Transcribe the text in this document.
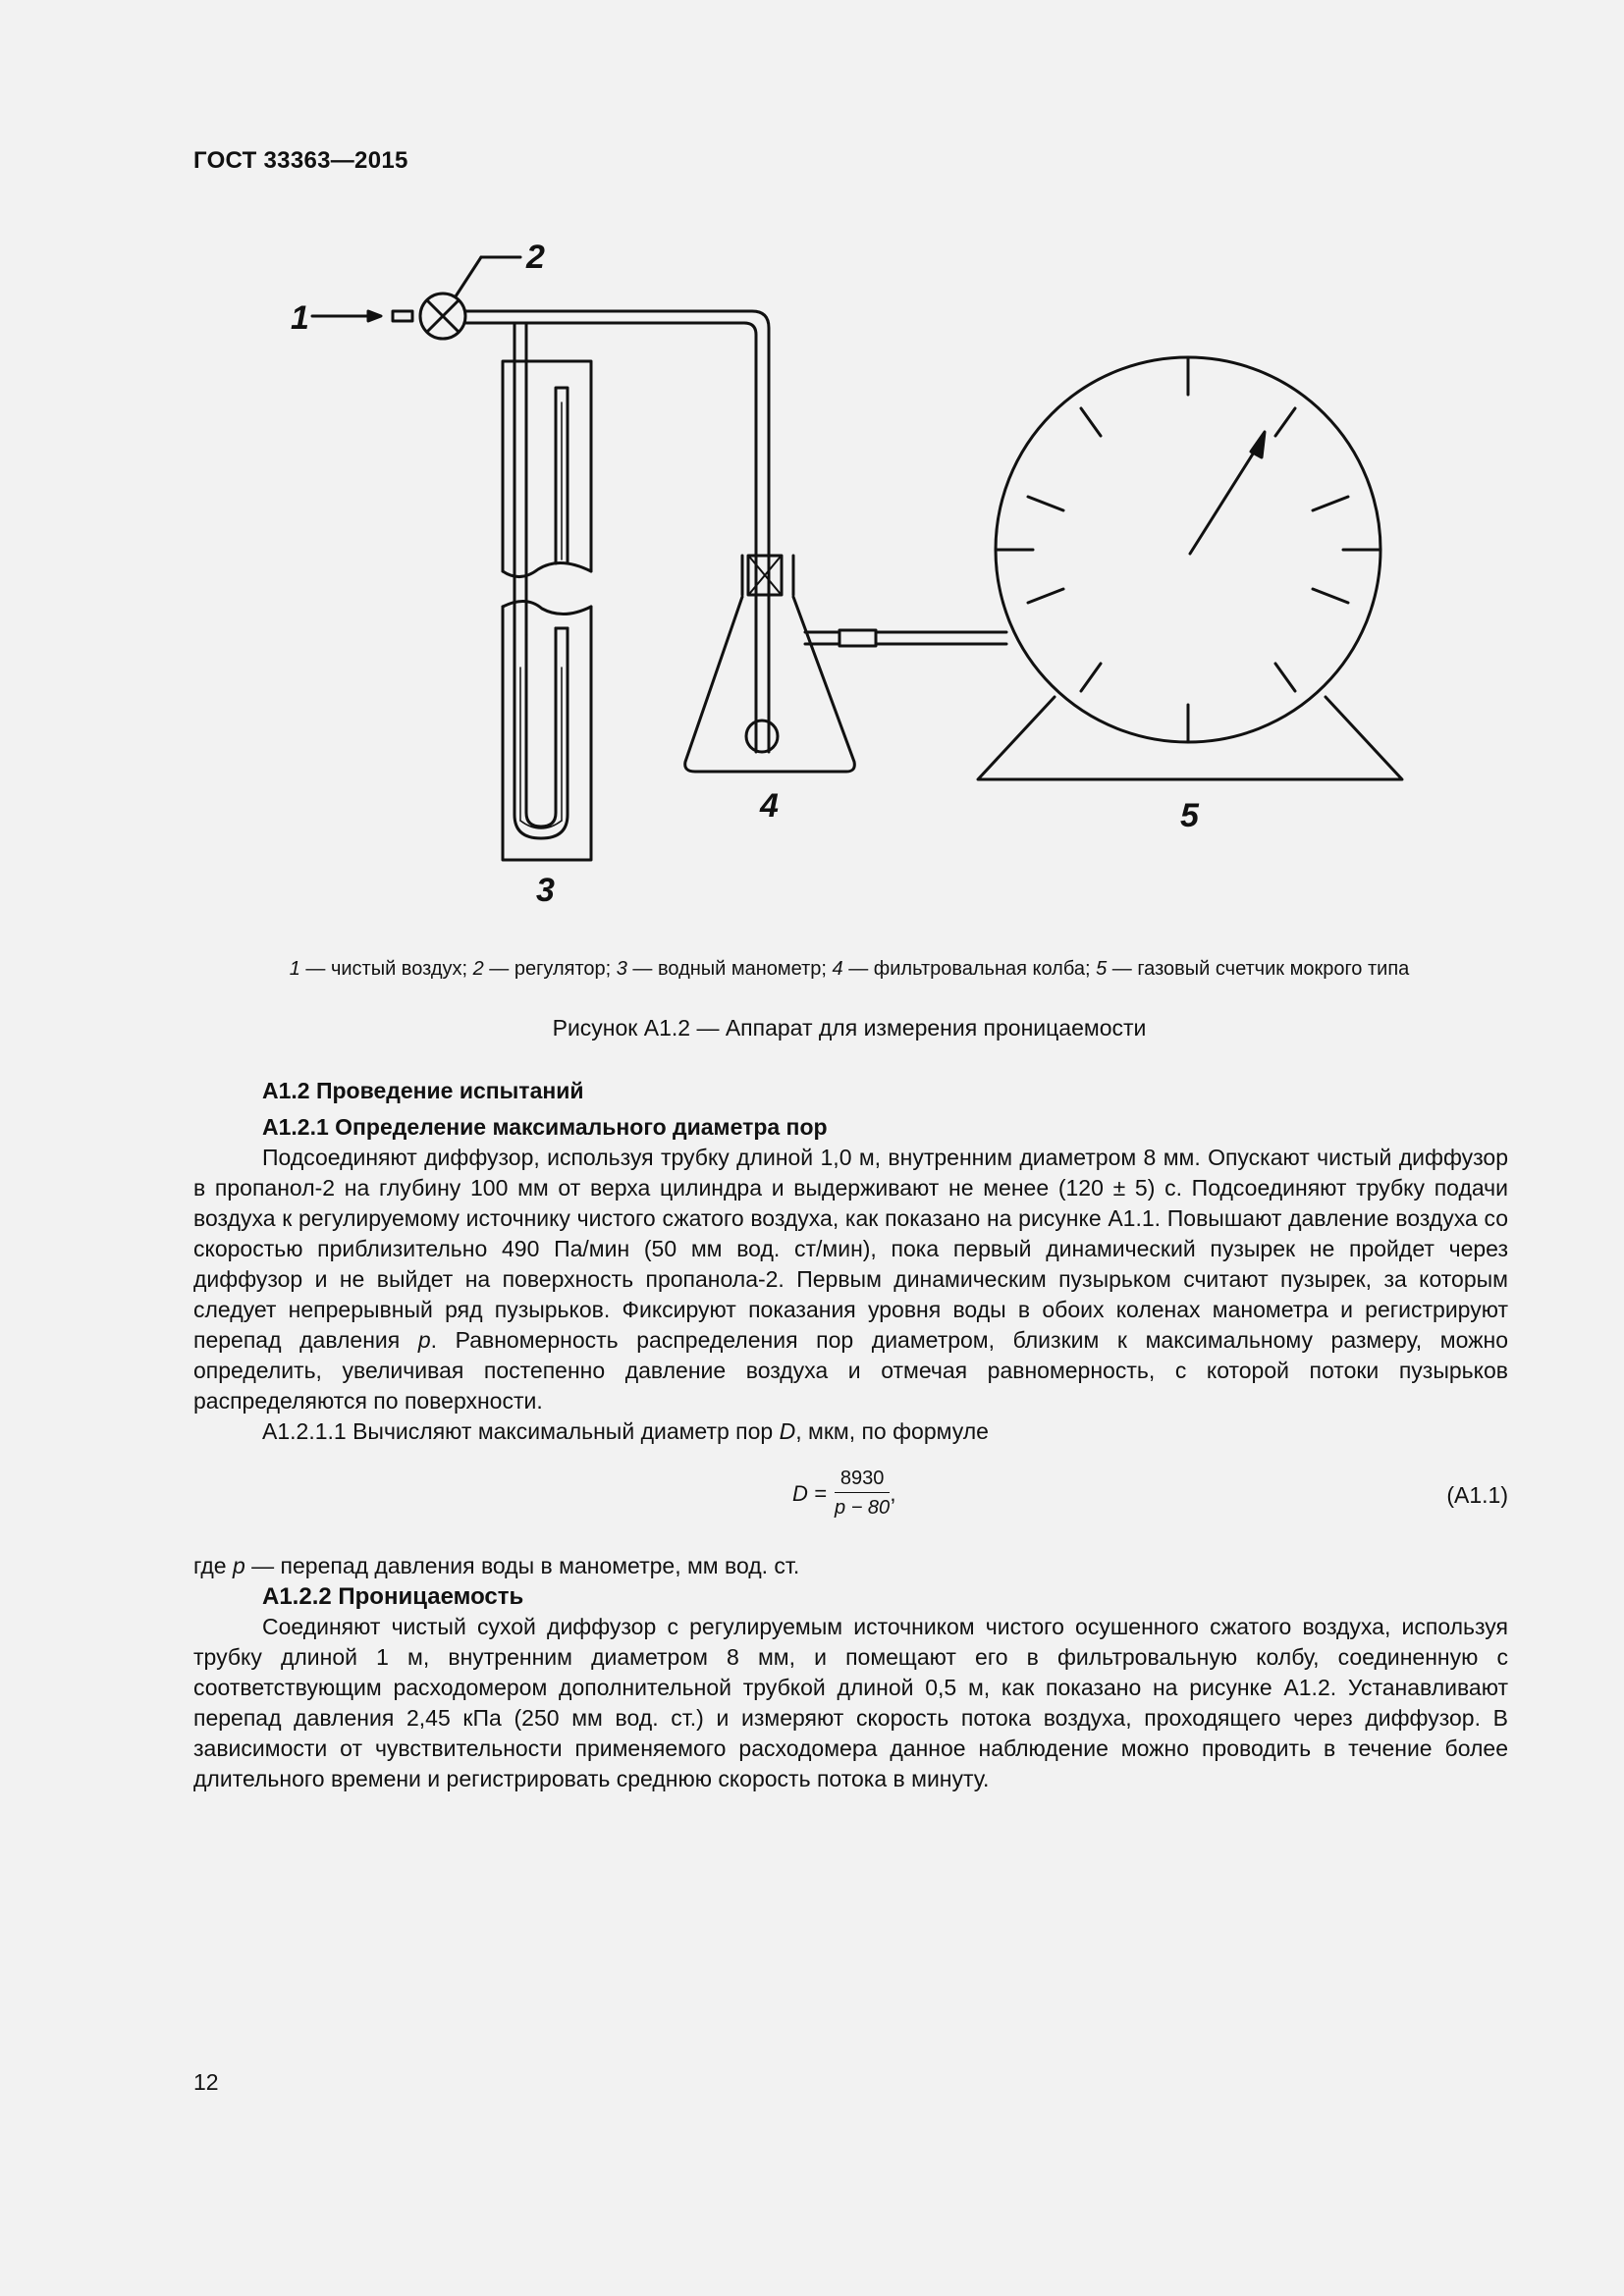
ГОСТ 33363—2015
1
2
3
4	5
1 — чистый воздух; 2 — регулятор; 3 — водный манометр; 4 — фильтровальная колба; 5 — газовый счетчик мокрого типа
Рисунок А1.2 — Аппарат для измерения проницаемости
А1.2 Проведение испытаний
А1.2.1 Определение максимального диаметра пор

Подсоединяют диффузор, используя трубку длиной 1,0 м, внутренним диаметром 8 мм. Опускают чистый диффузор в пропанол-2 на глубину 100 мм от верха цилиндра и выдерживают не менее (120 ± 5) с. Подсоединяют трубку подачи воздуха к регулируемому источнику чистого сжатого воздуха, как показано на рисунке А1.1. Повышают давление воздуха со скоростью приблизительно 490 Па/мин (50 мм вод. ст/мин), пока первый динамический пузырек не пройдет через диффузор и не выйдет на поверхность пропанола-2. Первым динамическим пузырьком считают пузырек, за которым следует непрерывный ряд пузырьков. Фиксируют показания уровня воды в обоих коленах манометра и регистрируют перепад давления p. Равномерность распределения пор диаметром, близким к максимальному размеру, можно определить, увеличивая постепенно давление воздуха и отмечая равномерность, с которой потоки пузырьков распределяются по поверхности.

А1.2.1.1 Вычисляют максимальный диаметр пор D, мкм, по формуле

$D = \frac{8930}{p - 80}$ ,	(А1.1)

где p — перепад давления воды в манометре, мм вод. ст.

А1.2.2 Проницаемость

Соединяют чистый сухой диффузор с регулируемым источником чистого осушенного сжатого воздуха, используя трубку длиной 1 м, внутренним диаметром 8 мм, и помещают его в фильтровальную колбу, соединенную с соответствующим расходомером дополнительной трубкой длиной 0,5 м, как показано на рисунке А1.2. Устанавливают перепад давления 2,45 кПа (250 мм вод. ст.) и измеряют скорость потока воздуха, проходящего через диффузор. В зависимости от чувствительности применяемого расходомера данное наблюдение можно проводить в течение более длительного времени и регистрировать среднюю скорость потока в минуту.

12
